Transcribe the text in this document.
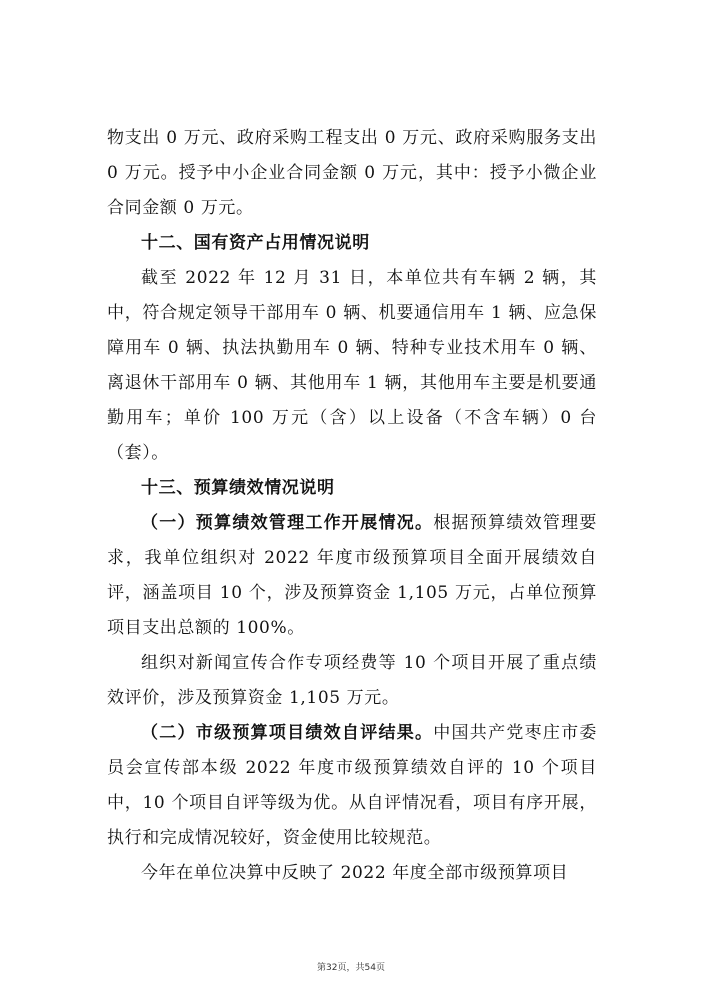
物支出 0 万元、政府采购工程支出 0 万元、政府采购服务支出 0 万元。授予中小企业合同金额 0 万元，其中：授予小微企业合同金额 0 万元。

十二、国有资产占用情况说明

截至 2022 年 12 月 31 日，本单位共有车辆 2 辆，其中，符合规定领导干部用车 0 辆、机要通信用车 1 辆、应急保障用车 0 辆、执法执勤用车 0 辆、特种专业技术用车 0 辆、离退休干部用车 0 辆、其他用车 1 辆，其他用车主要是机要通勤用车；单价 100 万元（含）以上设备（不含车辆）0 台（套）。

十三、预算绩效情况说明

（一）预算绩效管理工作开展情况。根据预算绩效管理要求，我单位组织对 2022 年度市级预算项目全面开展绩效自评，涵盖项目 10 个，涉及预算资金 1,105 万元，占单位预算项目支出总额的 100%。

组织对新闻宣传合作专项经费等 10 个项目开展了重点绩效评价，涉及预算资金 1,105 万元。

（二）市级预算项目绩效自评结果。中国共产党枣庄市委员会宣传部本级 2022 年度市级预算绩效自评的 10 个项目中，10 个项目自评等级为优。从自评情况看，项目有序开展，执行和完成情况较好，资金使用比较规范。

今年在单位决算中反映了 2022 年度全部市级预算项目

第32页，共54页
